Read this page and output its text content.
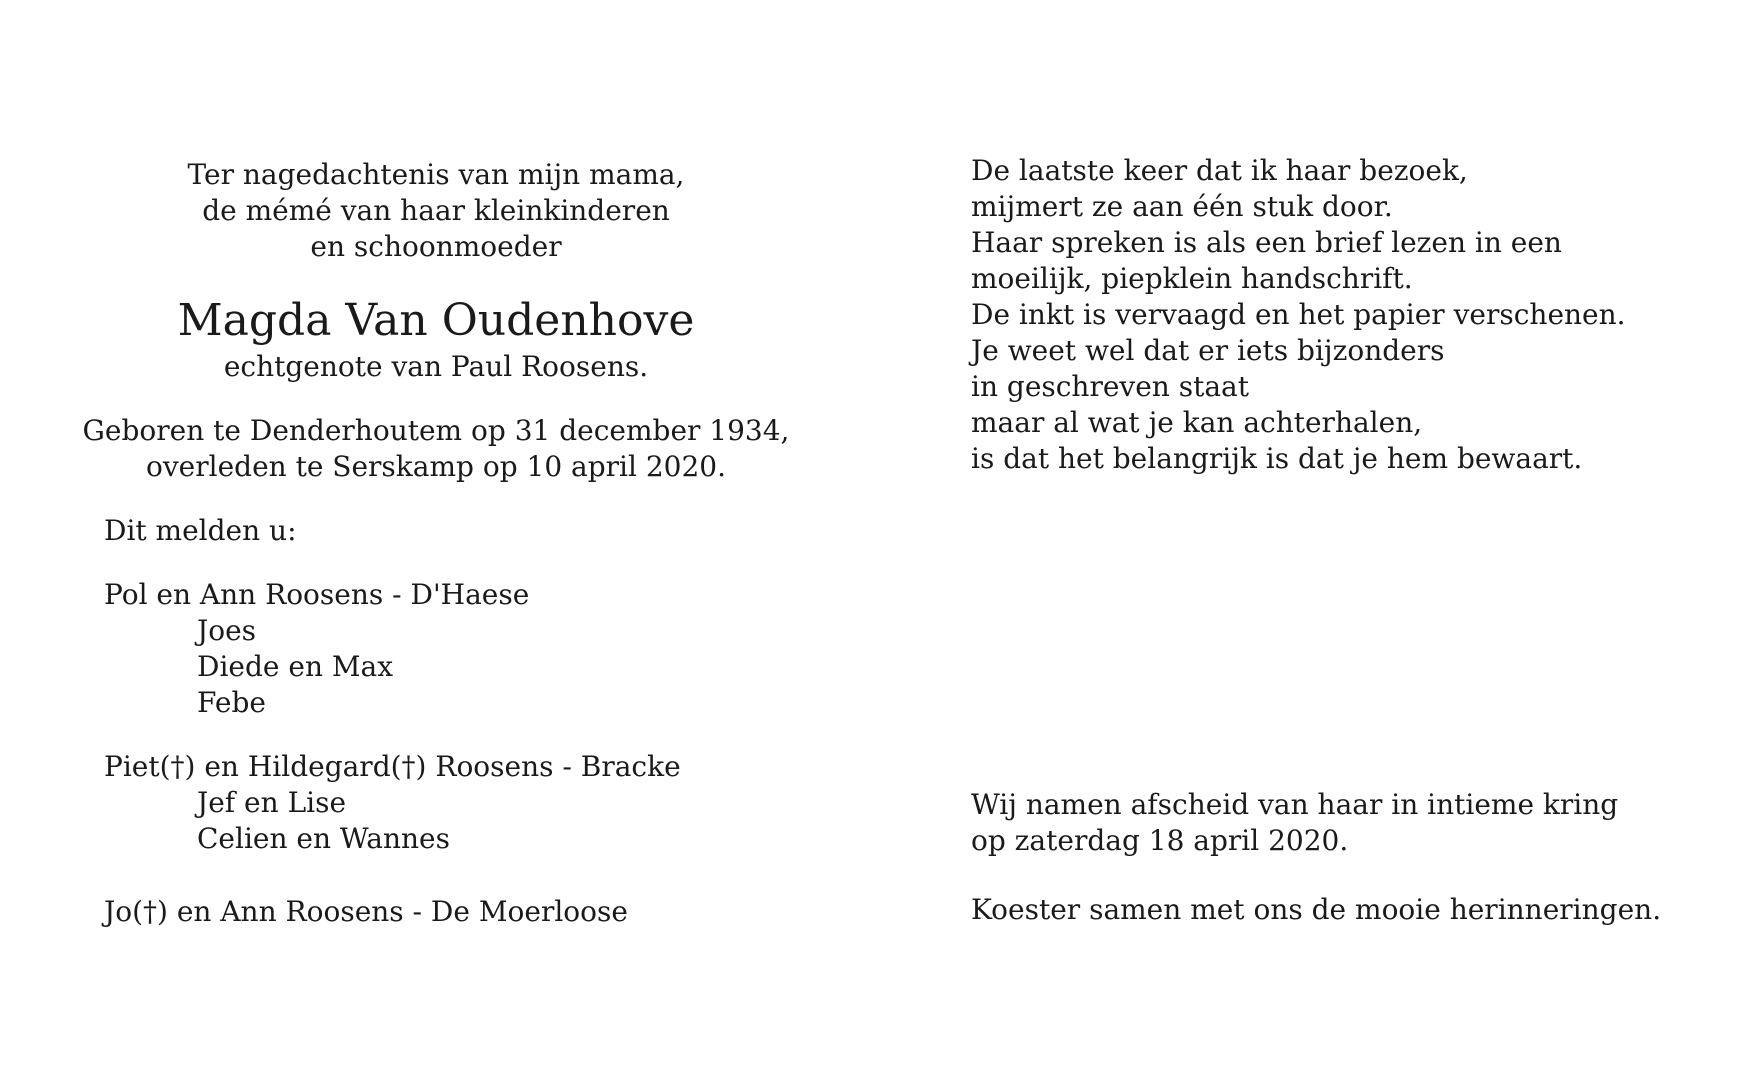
Ter nagedachtenis van mijn mama,
de mémé van haar kleinkinderen
en schoonmoeder
Magda Van Oudenhove
echtgenote van Paul Roosens.
Geboren te Denderhoutem op 31 december 1934,
overleden te Serskamp op 10 april 2020.
Dit melden u:
Pol en Ann Roosens - D'Haese
Joes
Diede en Max
Febe
Piet(†) en Hildegard(†) Roosens - Bracke
Jef en Lise
Celien en Wannes
Jo(†) en Ann Roosens - De Moerloose
De laatste keer dat ik haar bezoek,
mijmert ze aan één stuk door.
Haar spreken is als een brief lezen in een
moeilijk, piepklein handschrift.
De inkt is vervaagd en het papier verschenen.
Je weet wel dat er iets bijzonders
in geschreven staat
maar al wat je kan achterhalen,
is dat het belangrijk is dat je hem bewaart.
Wij namen afscheid van haar in intieme kring
op zaterdag 18 april 2020.
Koester samen met ons de mooie herinneringen.
